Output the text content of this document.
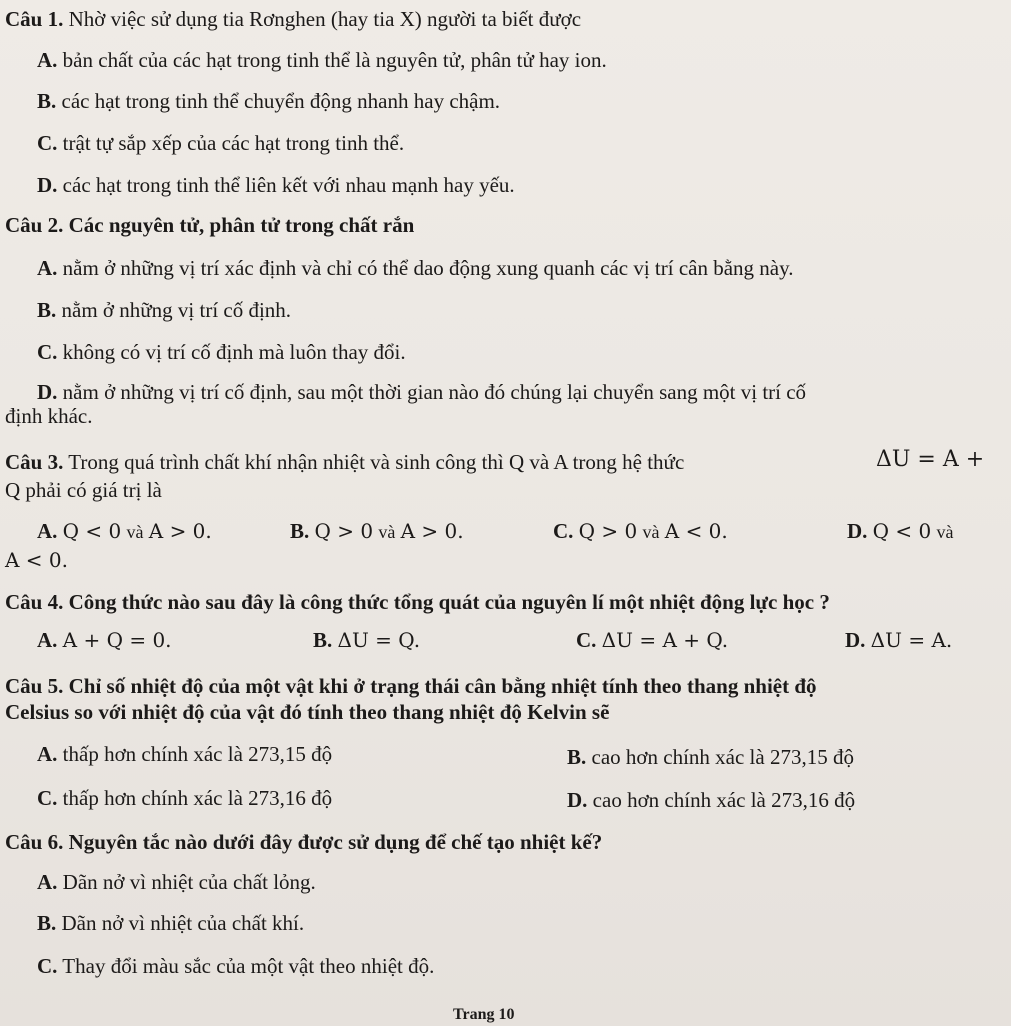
Câu 1. Nhờ việc sử dụng tia Rơnghen (hay tia X) người ta biết được
A. bản chất của các hạt trong tinh thể là nguyên tử, phân tử hay ion.
B. các hạt trong tinh thể chuyển động nhanh hay chậm.
C. trật tự sắp xếp của các hạt trong tinh thể.
D. các hạt trong tinh thể liên kết với nhau mạnh hay yếu.
Câu 2. Các nguyên tử, phân tử trong chất rắn
A. nằm ở những vị trí xác định và chỉ có thể dao động xung quanh các vị trí cân bằng này.
B. nằm ở những vị trí cố định.
C. không có vị trí cố định mà luôn thay đổi.
D. nằm ở những vị trí cố định, sau một thời gian nào đó chúng lại chuyển sang một vị trí cố
định khác.
Câu 3. Trong quá trình chất khí nhận nhiệt và sinh công thì Q và A trong hệ thức	ΔU = A +
Q phải có giá trị là
A. Q < 0 và A > 0.	B. Q > 0 và A > 0.	C. Q > 0 và A < 0.	D. Q < 0 và
A < 0.
Câu 4. Công thức nào sau đây là công thức tổng quát của nguyên lí một nhiệt động lực học ?
A. A + Q = 0.	B. ΔU = Q.	C. ΔU = A + Q.	D. ΔU = A.
Câu 5. Chỉ số nhiệt độ của một vật khi ở trạng thái cân bằng nhiệt tính theo thang nhiệt độ
Celsius so với nhiệt độ của vật đó tính theo thang nhiệt độ Kelvin sẽ
A. thấp hơn chính xác là 273,15 độ	B. cao hơn chính xác là 273,15 độ
C. thấp hơn chính xác là 273,16 độ	D. cao hơn chính xác là 273,16 độ
Câu 6. Nguyên tắc nào dưới đây được sử dụng để chế tạo nhiệt kế?
A. Dãn nở vì nhiệt của chất lỏng.
B. Dãn nở vì nhiệt của chất khí.
C. Thay đổi màu sắc của một vật theo nhiệt độ.
Trang 10
